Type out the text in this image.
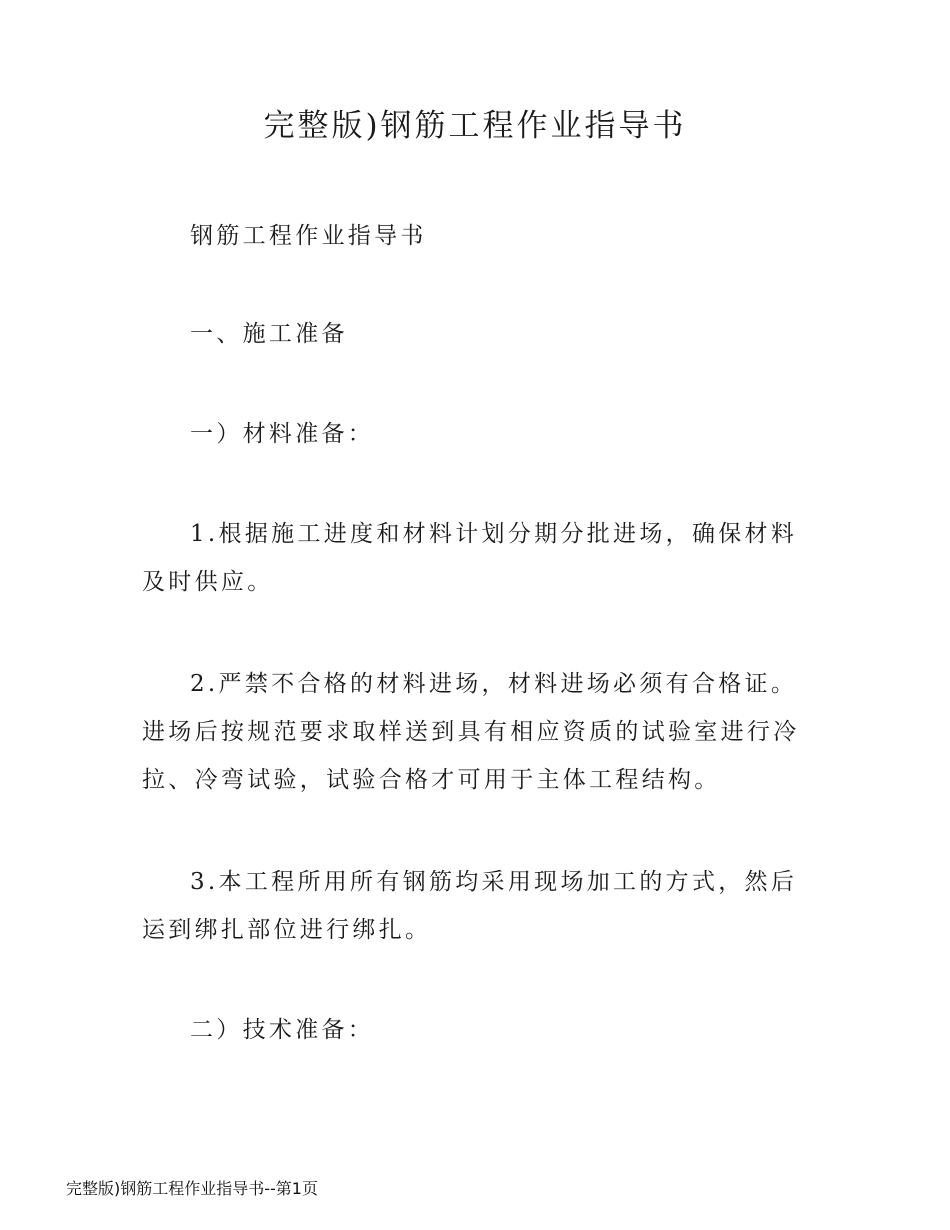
完整版)钢筋工程作业指导书

钢筋工程作业指导书

一、施工准备

一）材料准备：

1.根据施工进度和材料计划分期分批进场，确保材料及时供应。

2.严禁不合格的材料进场，材料进场必须有合格证。进场后按规范要求取样送到具有相应资质的试验室进行冷拉、冷弯试验，试验合格才可用于主体工程结构。

3.本工程所用所有钢筋均采用现场加工的方式，然后运到绑扎部位进行绑扎。

二）技术准备：

完整版)钢筋工程作业指导书--第1页
